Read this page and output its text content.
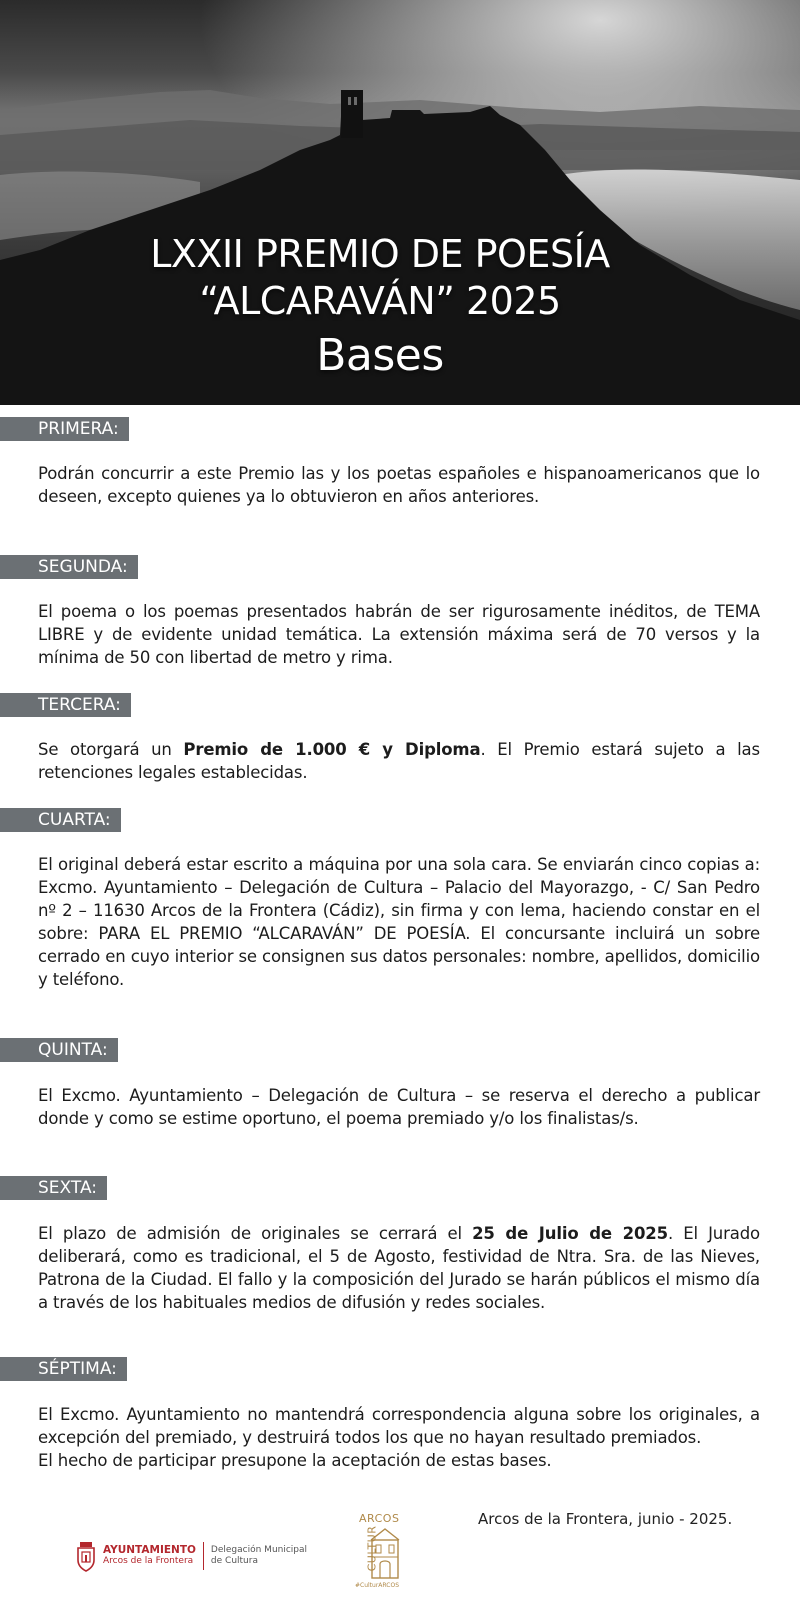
LXXII PREMIO DE POESÍA
“ALCARAVÁN” 2025
Bases
PRIMERA:
Podrán concurrir a este Premio las y los poetas españoles e hispanoamericanos que lo deseen, excepto quienes ya lo obtuvieron en años anteriores.
SEGUNDA:
El poema o los poemas presentados habrán de ser rigurosamente inéditos, de TEMA LIBRE y de evidente unidad temática. La extensión máxima será de 70 versos y la mínima de 50 con libertad de metro y rima.
TERCERA:
Se otorgará un Premio de 1.000 € y Diploma. El Premio estará sujeto a las retenciones legales establecidas.
CUARTA:
El original deberá estar escrito a máquina por una sola cara. Se enviarán cinco copias a: Excmo. Ayuntamiento – Delegación de Cultura – Palacio del Mayorazgo, - C/ San Pedro nº 2 – 11630 Arcos de la Frontera (Cádiz), sin firma y con lema, haciendo constar en el sobre: PARA EL PREMIO “ALCARAVÁN” DE POESÍA. El concursante incluirá un sobre cerrado en cuyo interior se consignen sus datos personales: nombre, apellidos, domicilio y teléfono.
QUINTA:
El Excmo. Ayuntamiento – Delegación de Cultura – se reserva el derecho a publicar donde y como se estime oportuno, el poema premiado y/o los finalistas/s.
SEXTA:
El plazo de admisión de originales se cerrará el 25 de Julio de 2025. El Jurado deliberará, como es tradicional, el 5 de Agosto, festividad de Ntra. Sra. de las Nieves, Patrona de la Ciudad. El fallo y la composición del Jurado se harán públicos el mismo día a través de los habituales medios de difusión y redes sociales.
SÉPTIMA:
El Excmo. Ayuntamiento no mantendrá correspondencia alguna sobre los originales, a excepción del premiado, y destruirá todos los que no hayan resultado premiados.
El hecho de participar presupone la aceptación de estas bases.
Arcos de la Frontera, junio - 2025.
AYUNTAMIENTO
Arcos de la Frontera
Delegación Municipal
de Cultura
ARCOS
CULTUR
#CulturARCOS
